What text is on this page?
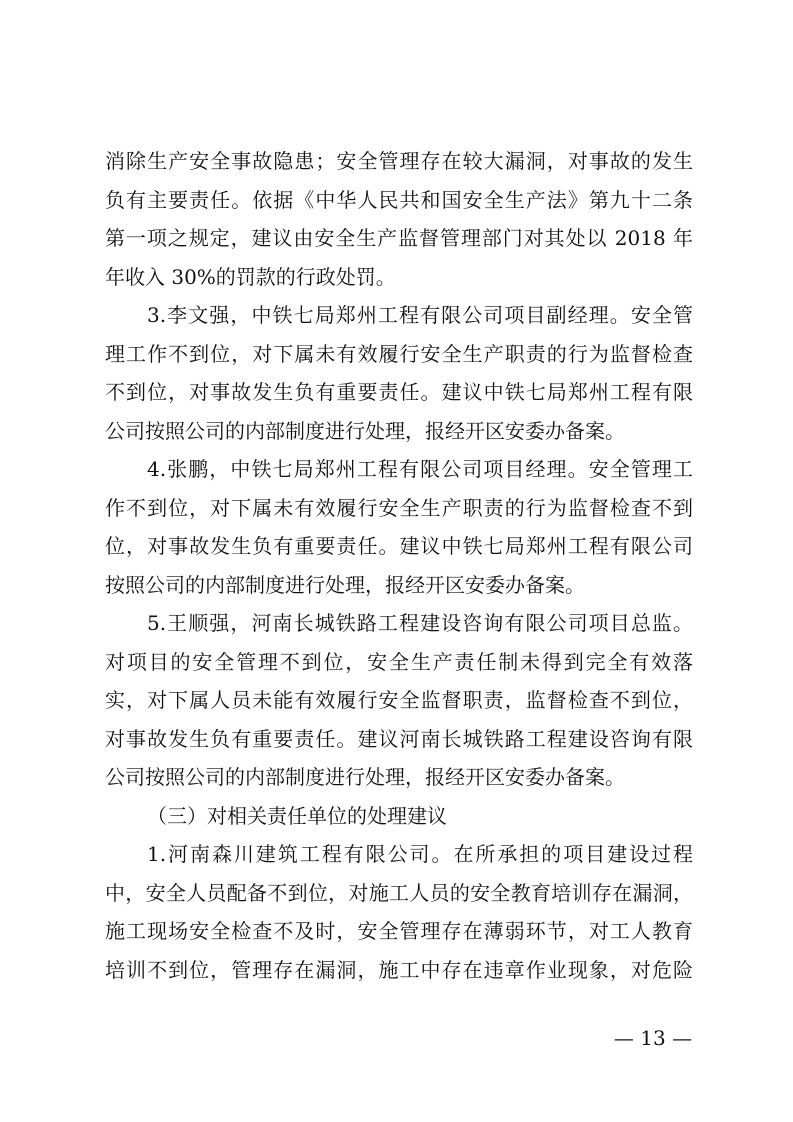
消除生产安全事故隐患；安全管理存在较大漏洞，对事故的发生
负有主要责任。依据《中华人民共和国安全生产法》第九十二条
第一项之规定，建议由安全生产监督管理部门对其处以 2018 年
年收入 30%的罚款的行政处罚。
3.李文强，中铁七局郑州工程有限公司项目副经理。安全管
理工作不到位，对下属未有效履行安全生产职责的行为监督检查
不到位，对事故发生负有重要责任。建议中铁七局郑州工程有限
公司按照公司的内部制度进行处理，报经开区安委办备案。
4.张鹏，中铁七局郑州工程有限公司项目经理。安全管理工
作不到位，对下属未有效履行安全生产职责的行为监督检查不到
位，对事故发生负有重要责任。建议中铁七局郑州工程有限公司
按照公司的内部制度进行处理，报经开区安委办备案。
5.王顺强，河南长城铁路工程建设咨询有限公司项目总监。
对项目的安全管理不到位，安全生产责任制未得到完全有效落
实，对下属人员未能有效履行安全监督职责，监督检查不到位，
对事故发生负有重要责任。建议河南长城铁路工程建设咨询有限
公司按照公司的内部制度进行处理，报经开区安委办备案。
（三）对相关责任单位的处理建议
1.河南森川建筑工程有限公司。在所承担的项目建设过程
中，安全人员配备不到位，对施工人员的安全教育培训存在漏洞，
施工现场安全检查不及时，安全管理存在薄弱环节，对工人教育
培训不到位，管理存在漏洞，施工中存在违章作业现象，对危险
— 13 —
